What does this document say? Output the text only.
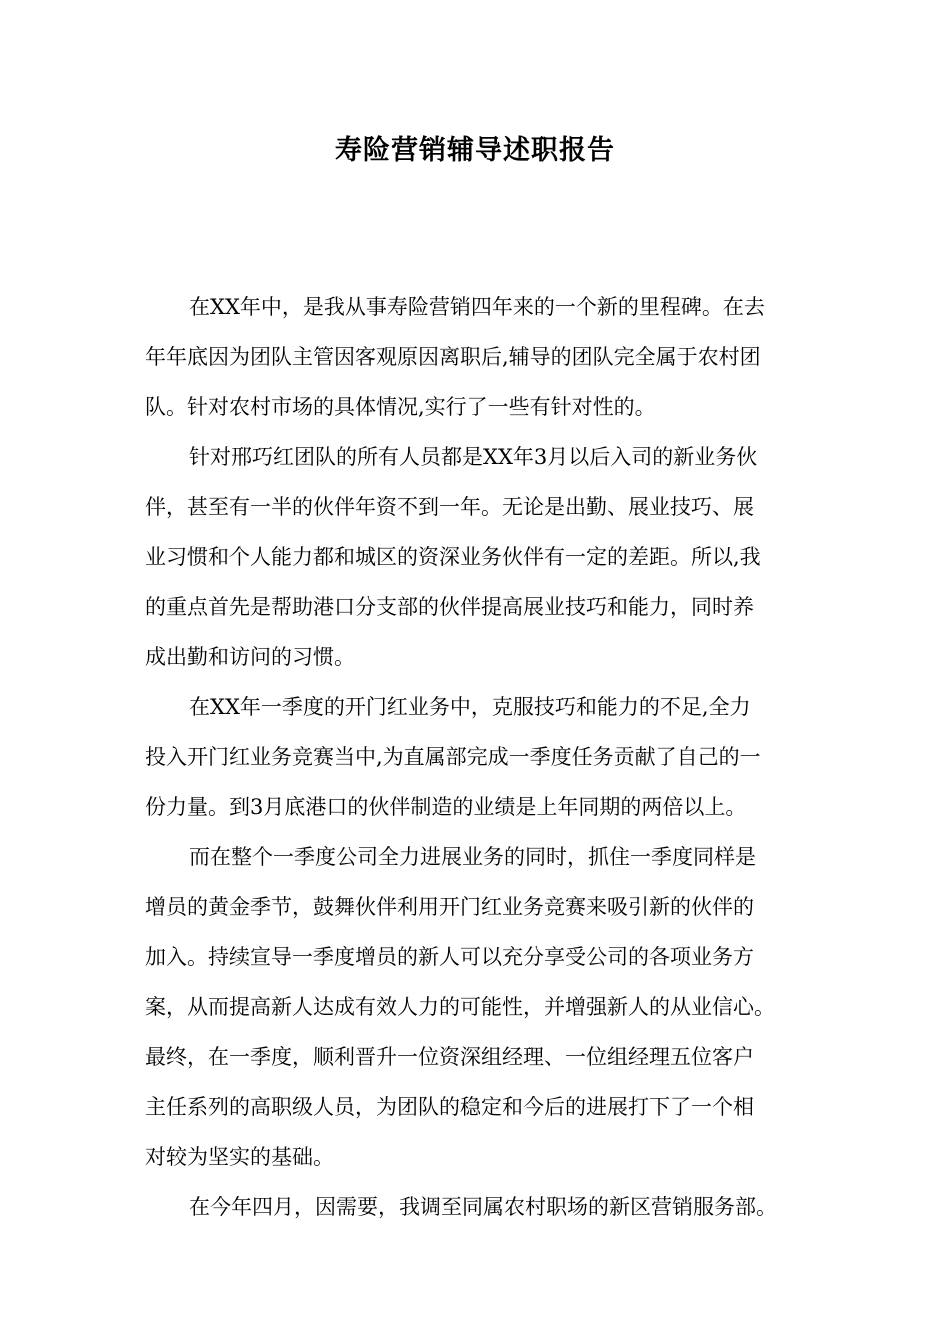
寿险营销辅导述职报告

在XX年中，是我从事寿险营销四年来的一个新的里程碑。在去
年年底因为团队主管因客观原因离职后,辅导的团队完全属于农村团
队。针对农村市场的具体情况,实行了一些有针对性的。

针对邢巧红团队的所有人员都是XX年3月以后入司的新业务伙
伴，甚至有一半的伙伴年资不到一年。无论是出勤、展业技巧、展
业习惯和个人能力都和城区的资深业务伙伴有一定的差距。所以,我
的重点首先是帮助港口分支部的伙伴提高展业技巧和能力，同时养
成出勤和访问的习惯。

在XX年一季度的开门红业务中，克服技巧和能力的不足,全力
投入开门红业务竞赛当中,为直属部完成一季度任务贡献了自己的一
份力量。到3月底港口的伙伴制造的业绩是上年同期的两倍以上。

而在整个一季度公司全力进展业务的同时，抓住一季度同样是
增员的黄金季节，鼓舞伙伴利用开门红业务竞赛来吸引新的伙伴的
加入。持续宣导一季度增员的新人可以充分享受公司的各项业务方
案，从而提高新人达成有效人力的可能性，并增强新人的从业信心。
最终，在一季度，顺利晋升一位资深组经理、一位组经理五位客户
主任系列的高职级人员，为团队的稳定和今后的进展打下了一个相
对较为坚实的基础。

在今年四月，因需要，我调至同属农村职场的新区营销服务部。
